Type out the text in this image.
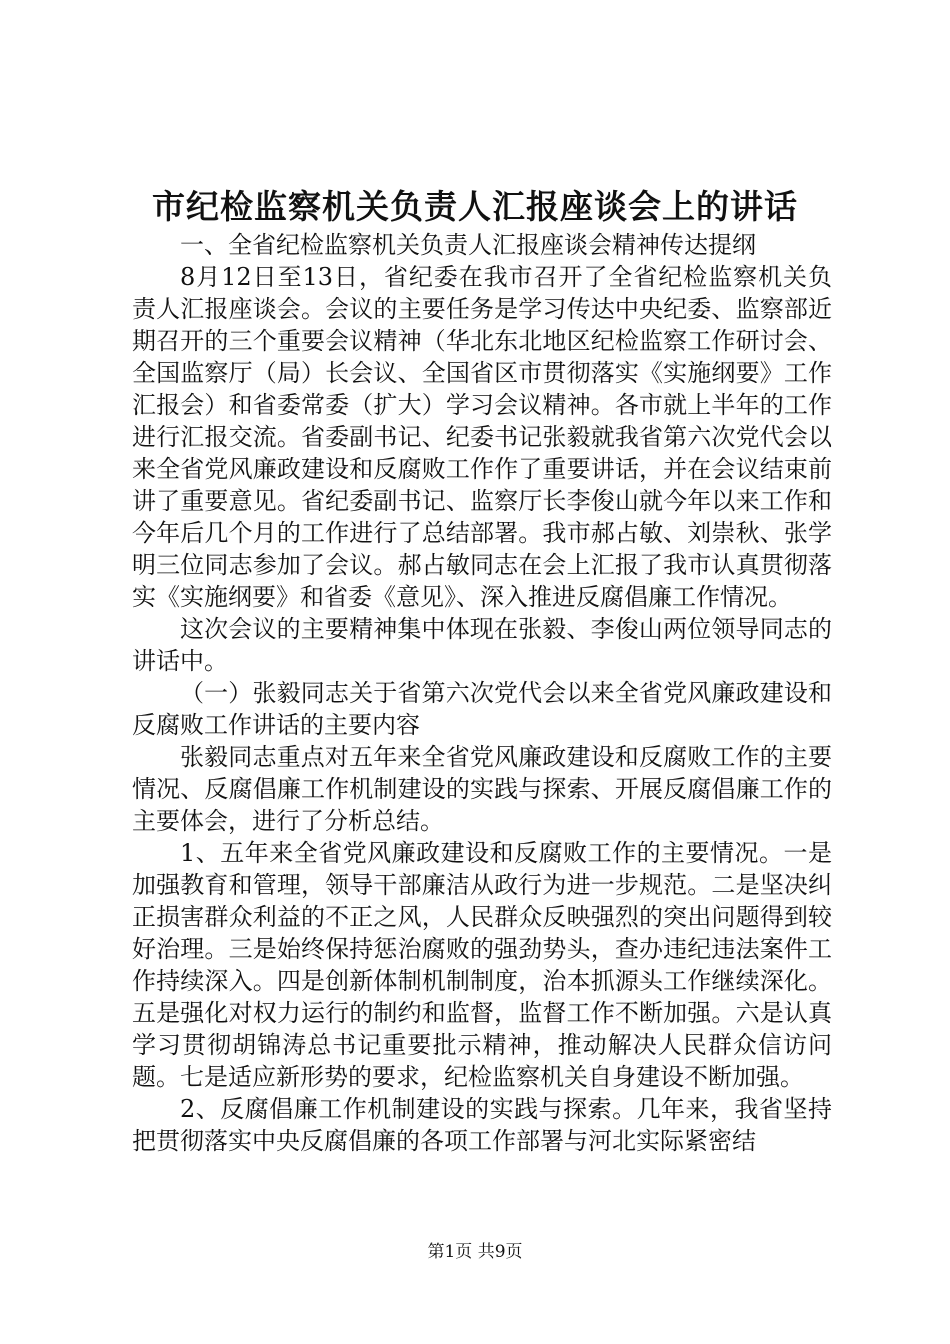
市纪检监察机关负责人汇报座谈会上的讲话

一、全省纪检监察机关负责人汇报座谈会精神传达提纲

8月12日至13日，省纪委在我市召开了全省纪检监察机关负责人汇报座谈会。会议的主要任务是学习传达中央纪委、监察部近期召开的三个重要会议精神（华北东北地区纪检监察工作研讨会、全国监察厅（局）长会议、全国省区市贯彻落实《实施纲要》工作汇报会）和省委常委（扩大）学习会议精神。各市就上半年的工作进行汇报交流。省委副书记、纪委书记张毅就我省第六次党代会以来全省党风廉政建设和反腐败工作作了重要讲话，并在会议结束前讲了重要意见。省纪委副书记、监察厅长李俊山就今年以来工作和今年后几个月的工作进行了总结部署。我市郝占敏、刘崇秋、张学明三位同志参加了会议。郝占敏同志在会上汇报了我市认真贯彻落实《实施纲要》和省委《意见》、深入推进反腐倡廉工作情况。

这次会议的主要精神集中体现在张毅、李俊山两位领导同志的讲话中。

（一）张毅同志关于省第六次党代会以来全省党风廉政建设和反腐败工作讲话的主要内容

张毅同志重点对五年来全省党风廉政建设和反腐败工作的主要情况、反腐倡廉工作机制建设的实践与探索、开展反腐倡廉工作的主要体会，进行了分析总结。

1、五年来全省党风廉政建设和反腐败工作的主要情况。一是加强教育和管理，领导干部廉洁从政行为进一步规范。二是坚决纠正损害群众利益的不正之风，人民群众反映强烈的突出问题得到较好治理。三是始终保持惩治腐败的强劲势头，查办违纪违法案件工作持续深入。四是创新体制机制制度，治本抓源头工作继续深化。五是强化对权力运行的制约和监督，监督工作不断加强。六是认真学习贯彻胡锦涛总书记重要批示精神，推动解决人民群众信访问题。七是适应新形势的要求，纪检监察机关自身建设不断加强。

2、反腐倡廉工作机制建设的实践与探索。几年来，我省坚持把贯彻落实中央反腐倡廉的各项工作部署与河北实际紧密结

第1页 共9页
